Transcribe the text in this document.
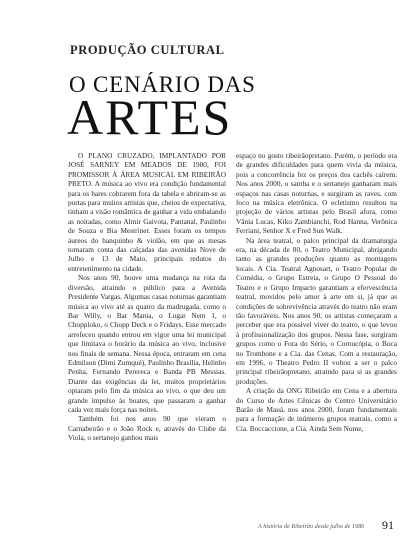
PRODUÇÃO CULTURAL
O CENÁRIO DAS
ARTES

O PLANO CRUZADO, IMPLANTADO POR JOSÉ SARNEY EM MEADOS DE 1980, FOI PROMISSOR À ÁREA MUSICAL EM RIBEIRÃO PRETO. A música ao vivo era condição fundamental para os bares cobrarem fora da tabela e abriram-se as portas para muitos artistas que, cheios de expectativa, tinham a visão romântica de ganhar a vida embalando as noitadas, como Almir Gaivota, Pantanal, Paulinho de Souza e Bia Mestriner. Esses foram os tempos áureos do banquinho & violão, em que as mesas tomaram conta das calçadas das avenidas Nove de Julho e 13 de Maio, principais redutos do entretenimento na cidade.

Nos anos 90, houve uma mudança na rota da diversão, atraindo o público para a Avenida Presidente Vargas. Algumas casas noturnas garantiam música ao vivo até as quatro da madrugada, como o Bar Willy, o Bar Mania, o Lugar Nem 1, o Chopploko, o Chopp Deck e o Fridays. Esse mercado arrefeceu quando entrou em vigor uma lei municipal que limitava o horário da música ao vivo, inclusive nos finais de semana. Nessa época, entraram em cena Edmilson (Dimi Zumqué), Paulinho Brasília, Helinho Penha, Fernando Perereca e Banda PB Messias. Diante das exigências da lei, muitos proprietários optaram pelo fim da música ao vivo, o que deu um grande impulso às boates, que passaram a ganhar cada vez mais força nas noites.

Também foi nos anos 90 que vieram o Carnabeirão e o João Rock e, através do Clube da Viola, o sertanejo ganhou mais

espaço no gosto ribeirãopretano. Porém, o período era de grandes dificuldades para quem vivia da música, pois a concorrência fez os preços dos cachês caírem. Nos anos 2000, o samba e o sertanejo ganharam mais espaços nas casas noturnas, e surgiram as raves, com foco na música eletrônica. O ecletismo resultou na projeção de vários artistas pelo Brasil afora, como Vânia Lucas, Kiko Zambianchi, Rod Hanna, Verônica Ferriani, Senhor X e Fred Sun Walk.

Na área teatral, o palco principal da dramaturgia era, na década de 80, o Teatro Municipal, abrigando tanto as grandes produções quanto as montagens locais. A Cia. Teatral Agnosart, o Teatro Popular de Comédia, o Grupo Estreia, o Grupo O Pessoal do Teatro e o Grupo Impacto garantiam a efervescência teatral, movidos pelo amor à arte em si, já que as condições de sobrevivência através do teatro não eram tão favoráveis. Nos anos 90, os artistas começaram a perceber que era possível viver do teatro, o que levou à profissionalização dos grupos. Nessa fase, surgiram grupos como o Fora do Sério, o Cornucópia, o Boca no Trombone e a Cia. das Cenas. Com a restauração, em 1996, o Theatro Pedro II voltou a ser o palco principal ribeirãopretano, atraindo para si as grandes produções.

A criação da ONG Ribeirão em Cena e a abertura do Curso de Artes Cênicas do Centro Universitário Barão de Mauá, nos anos 2000, foram fundamentais para a formação de inúmeros grupos teatrais, como a Cia. Boccaccione, a Cia. Ainda Sem Nome,

A história de Ribeirão desde julho de 1986 91
